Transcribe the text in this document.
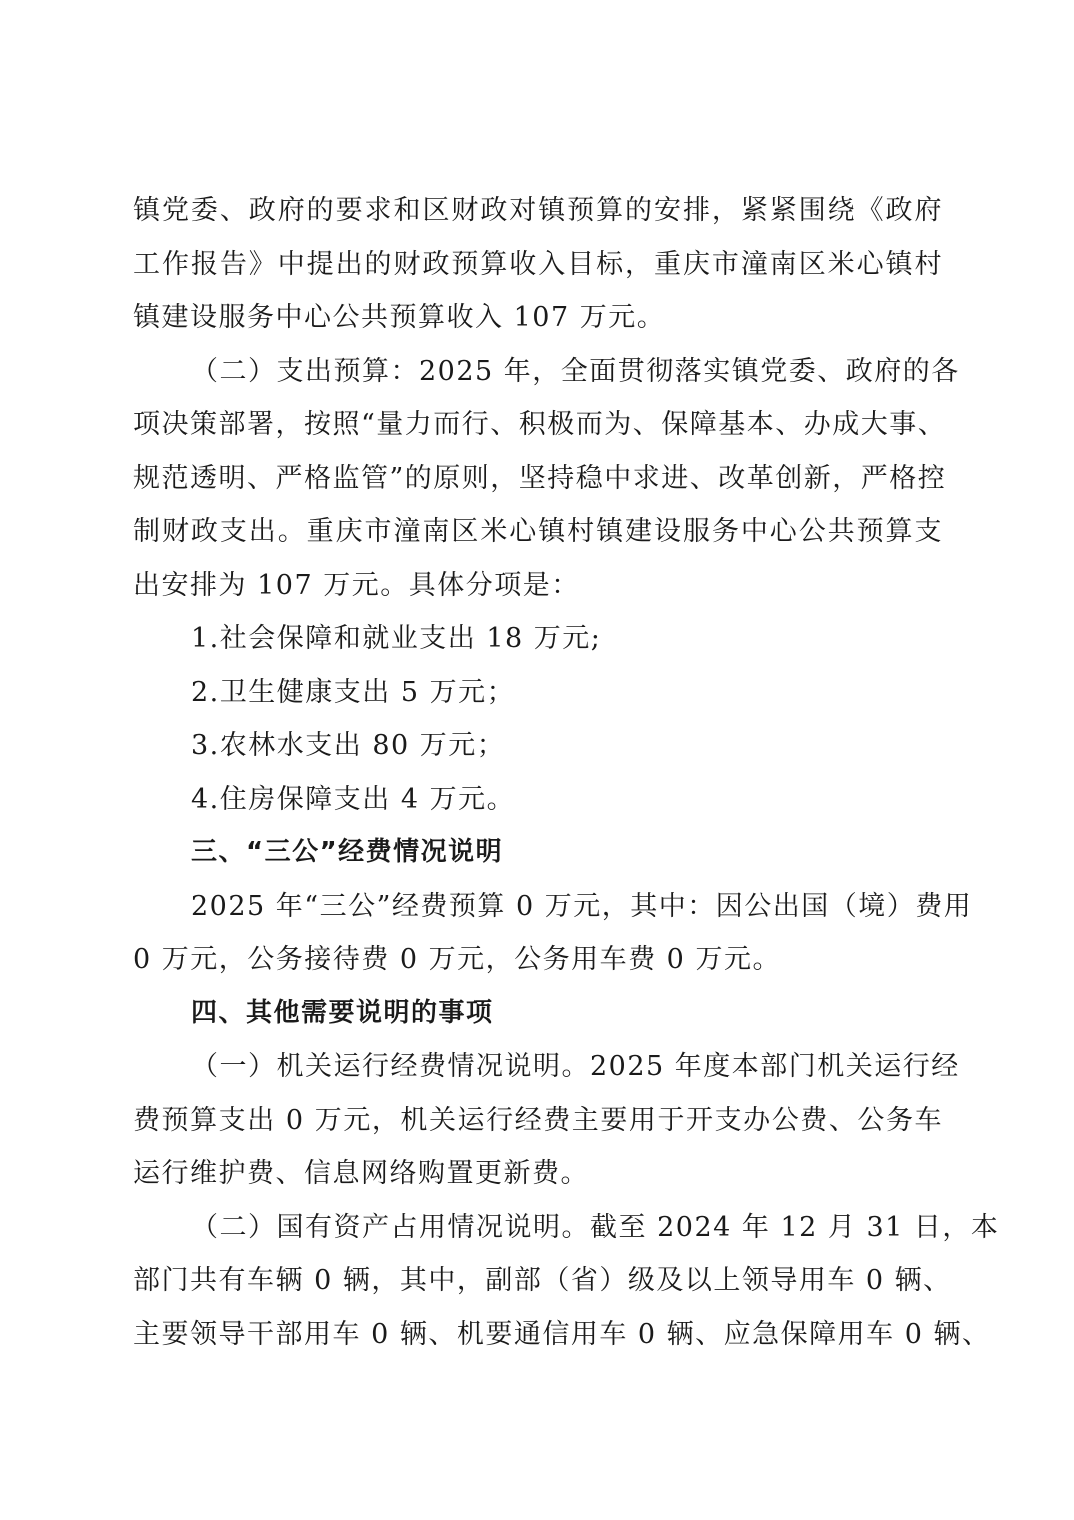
镇党委、政府的要求和区财政对镇预算的安排，紧紧围绕《政府
工作报告》中提出的财政预算收入目标，重庆市潼南区米心镇村
镇建设服务中心公共预算收入 107 万元。
（二）支出预算：2025 年，全面贯彻落实镇党委、政府的各
项决策部署，按照“量力而行、积极而为、保障基本、办成大事、
规范透明、严格监管”的原则，坚持稳中求进、改革创新，严格控
制财政支出。重庆市潼南区米心镇村镇建设服务中心公共预算支
出安排为 107 万元。具体分项是：
1.社会保障和就业支出 18 万元;
2.卫生健康支出 5 万元；
3.农林水支出 80 万元；
4.住房保障支出 4 万元。
三、“三公”经费情况说明
2025 年“三公”经费预算 0 万元，其中：因公出国（境）费用
0 万元，公务接待费 0 万元，公务用车费 0 万元。
四、其他需要说明的事项
（一）机关运行经费情况说明。2025 年度本部门机关运行经
费预算支出 0 万元，机关运行经费主要用于开支办公费、公务车
运行维护费、信息网络购置更新费。
（二）国有资产占用情况说明。截至 2024 年 12 月 31 日，本
部门共有车辆 0 辆，其中，副部（省）级及以上领导用车 0 辆、
主要领导干部用车 0 辆、机要通信用车 0 辆、应急保障用车 0 辆、
